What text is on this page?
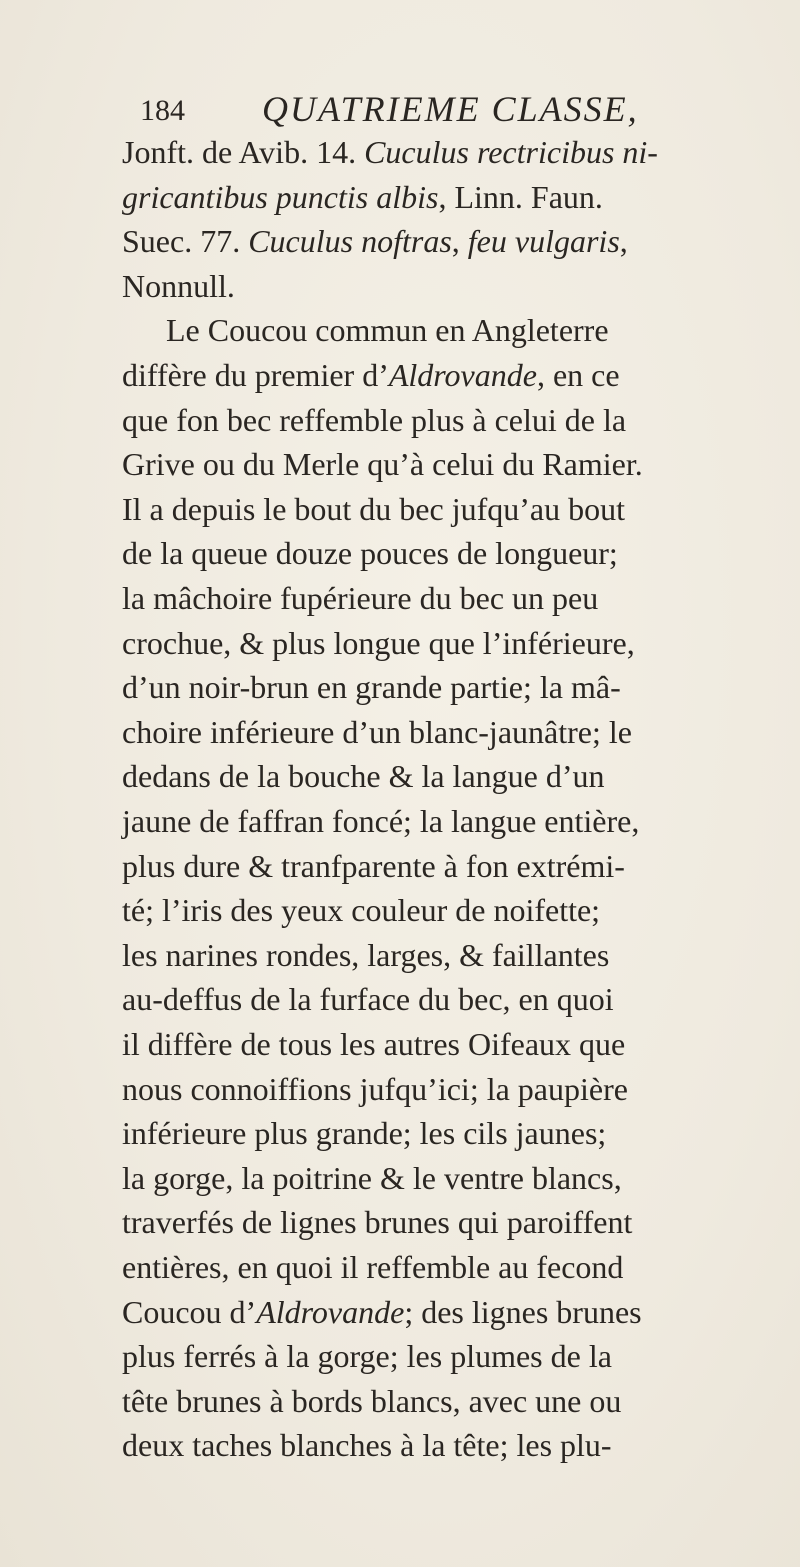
184 QUATRIEME CLASSE,
Jonft. de Avib. 14. Cuculus rectricibus ni-
gricantibus punctis albis, Linn. Faun.
Suec. 77. Cuculus noftras, feu vulgaris,
Nonnull.
Le Coucou commun en Angleterre
diffère du premier d’Aldrovande, en ce
que fon bec reffemble plus à celui de la
Grive ou du Merle qu’à celui du Ramier.
Il a depuis le bout du bec jufqu’au bout
de la queue douze pouces de longueur;
la mâchoire fupérieure du bec un peu
crochue, & plus longue que l’inférieure,
d’un noir-brun en grande partie; la mâ-
choire inférieure d’un blanc-jaunâtre; le
dedans de la bouche & la langue d’un
jaune de faffran foncé; la langue entière,
plus dure & tranfparente à fon extrémi-
té; l’iris des yeux couleur de noifette;
les narines rondes, larges, & faillantes
au-deffus de la furface du bec, en quoi
il diffère de tous les autres Oifeaux que
nous connoiffions jufqu’ici; la paupière
inférieure plus grande; les cils jaunes;
la gorge, la poitrine & le ventre blancs,
traverfés de lignes brunes qui paroiffent
entières, en quoi il reffemble au fecond
Coucou d’Aldrovande; des lignes brunes
plus ferrés à la gorge; les plumes de la
tête brunes à bords blancs, avec une ou
deux taches blanches à la tête; les plu-
